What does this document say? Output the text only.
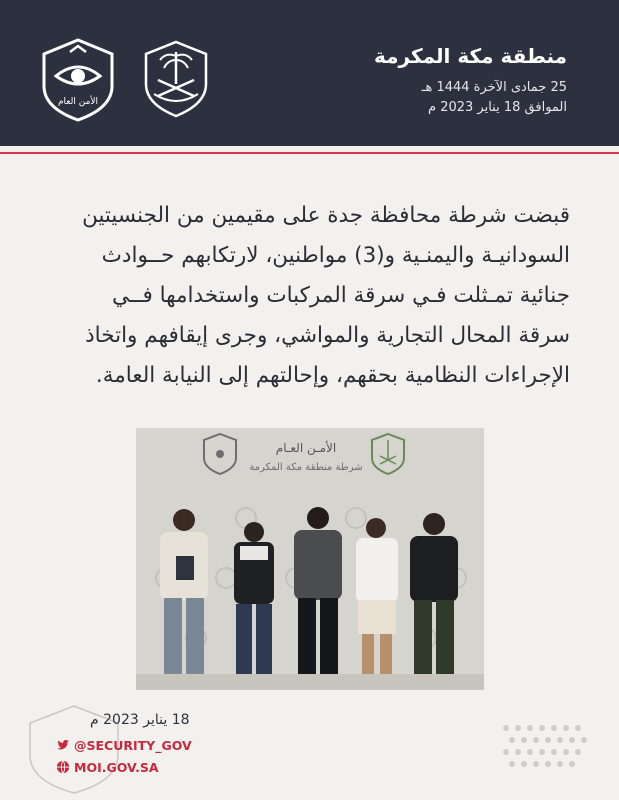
الأمن العام
منطقة مكة المكرمة
25 جمادى الآخرة 1444 هـ
الموافق 18 يناير 2023 م
قبضت شرطة محافظة جدة على مقيمين من الجنسيتين
السودانيـة واليمنـية و(3) مواطنين، لارتكابهم حــوادث
جنائية تمـثلت فـي سرقة المركبات واستخدامها فــي
سرقة المحال التجارية والمواشي، وجرى إيقافهم واتخاذ
الإجراءات النظامية بحقهم، وإحالتهم إلى النيابة العامة.
الأمـن العـام
شرطة منطقة مكة المكرمة
18 يناير 2023 م
@SECURITY_GOV
MOI.GOV.SA
